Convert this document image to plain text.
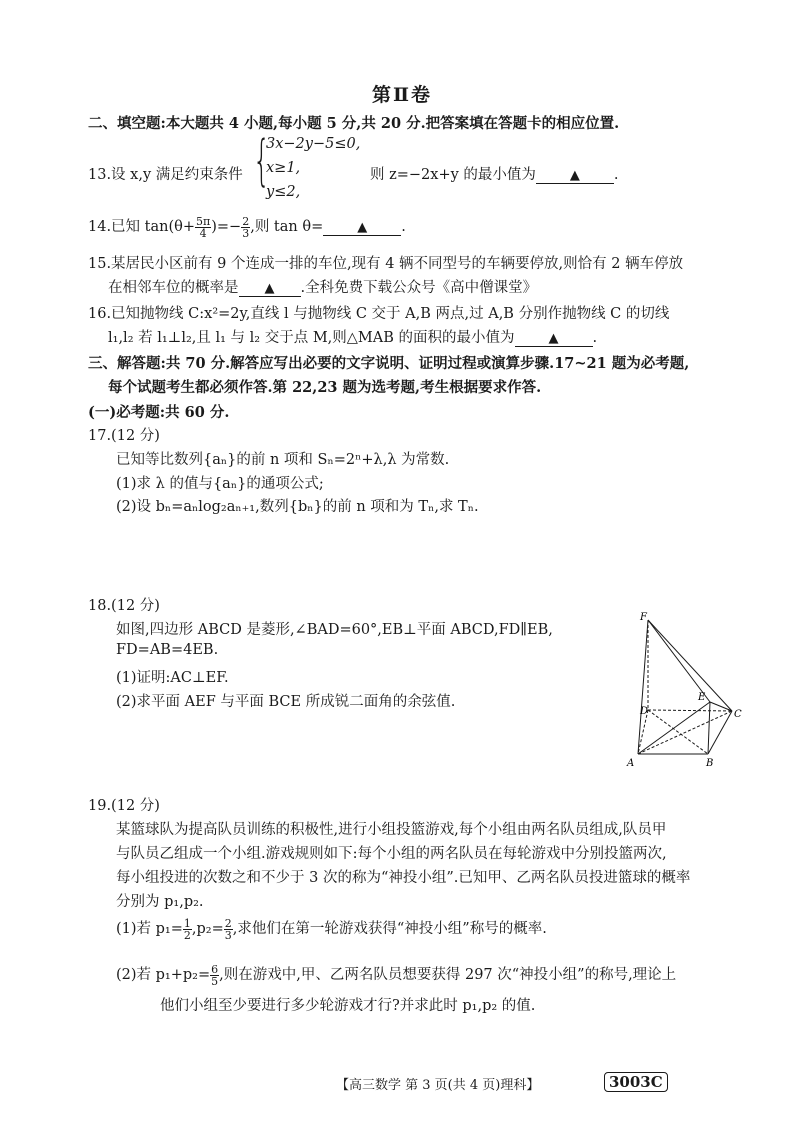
第Ⅱ卷
二、填空题:本大题共 4 小题,每小题 5 分,共 20 分.把答案填在答题卡的相应位置.
13.设 x,y 满足约束条件 {
3x−2y−5≤0,
x≥1,
y≤2,
则 z=−2x+y 的最小值为	▲ .
14.已知 $\tan(\theta+ \frac{5\pi}{4}$ )=− $\frac{2}{3}$ ,则 tan θ=	▲ .
15.某居民小区前有 9 个连成一排的车位,现有 4 辆不同型号的车辆要停放,则恰有 2 辆车停放
在相邻车位的概率是 ▲ .全科免费下载公众号《高中僧课堂》
16.已知抛物线 C:x²=2y,直线 l 与抛物线 C 交于 A,B 两点,过 A,B 分别作抛物线 C 的切线
l₁,l₂ 若 l₁⊥l₂,且 l₁ 与 l₂ 交于点 M,则△MAB 的面积的最小值为	▲ .
三、解答题:共 70 分.解答应写出必要的文字说明、证明过程或演算步骤.17~21 题为必考题,
每个试题考生都必须作答.第 22,23 题为选考题,考生根据要求作答.
(一)必考题:共 60 分.
17.(12 分)
已知等比数列{aₙ}的前 n 项和 Sₙ=2ⁿ+λ,λ 为常数.
(1)求 λ 的值与{aₙ}的通项公式;
(2)设 bₙ=aₙlog₂aₙ₊₁,数列{bₙ}的前 n 项和为 Tₙ,求 Tₙ.
18.(12 分)
如图,四边形 ABCD 是菱形,∠BAD=60°,EB⊥平面 ABCD,FD∥EB,
FD=AB=4EB.
(1)证明:AC⊥EF.
(2)求平面 AEF 与平面 BCE 所成锐二面角的余弦值.
F
D
E
C
A	B
19.(12 分)
某篮球队为提高队员训练的积极性,进行小组投篮游戏,每个小组由两名队员组成,队员甲
与队员乙组成一个小组.游戏规则如下:每个小组的两名队员在每轮游戏中分别投篮两次,
每小组投进的次数之和不少于 3 次的称为“神投小组”.已知甲、乙两名队员投进篮球的概率
分别为 p₁,p₂.
(1)若 $p_1= \frac{1}{2} ,p_2= \frac{2}{3}$ ,求他们在第一轮游戏获得“神投小组”称号的概率.
(2)若 $p_1+p_2= \frac{6}{5}$ ,则在游戏中,甲、乙两名队员想要获得 297 次“神投小组”的称号,理论上
他们小组至少要进行多少轮游戏才行?并求此时 p₁,p₂ 的值.
【高三数学 第 3 页(共 4 页)理科】	3003C
